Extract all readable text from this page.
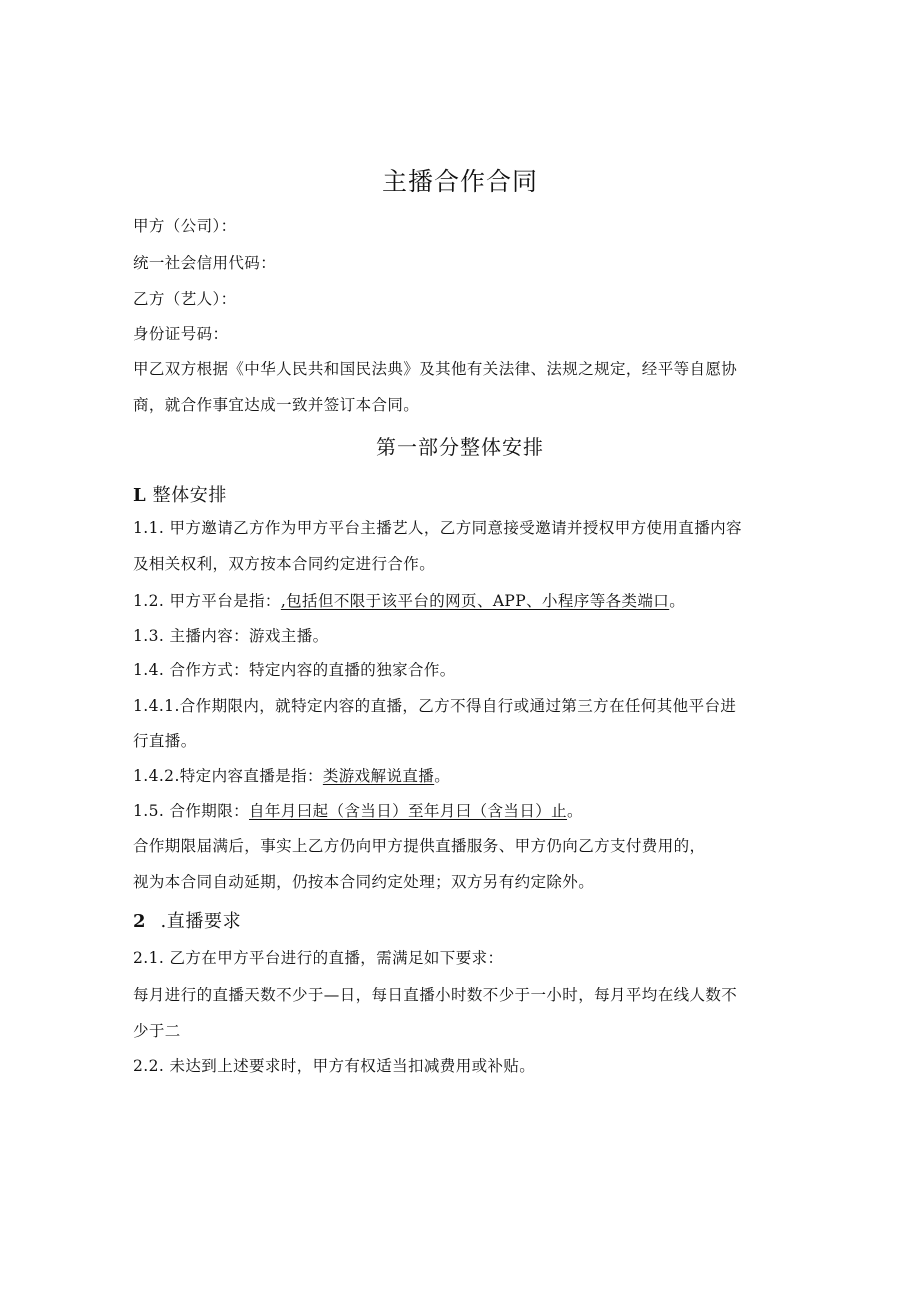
主播合作合同
甲方（公司）：
统一社会信用代码：
乙方（艺人）：
身份证号码：
甲乙双方根据《中华人民共和国民法典》及其他有关法律、法规之规定，经平等自愿协
商，就合作事宜达成一致并签订本合同。
第一部分整体安排
L 整体安排
1.1. 甲方邀请乙方作为甲方平台主播艺人，乙方同意接受邀请并授权甲方使用直播内容
及相关权利，双方按本合同约定进行合作。
1.2. 甲方平台是指：,包括但不限于该平台的网页、APP、小程序等各类端口。
1.3. 主播内容：游戏主播。
1.4. 合作方式：特定内容的直播的独家合作。
1.4.1.合作期限内，就特定内容的直播，乙方不得自行或通过第三方在任何其他平台进
行直播。
1.4.2.特定内容直播是指：类游戏解说直播。
1.5. 合作期限：自年月曰起（含当日）至年月曰（含当日）止。
合作期限届满后，事实上乙方仍向甲方提供直播服务、甲方仍向乙方支付费用的，
视为本合同自动延期，仍按本合同约定处理；双方另有约定除外。
2 .直播要求
2.1. 乙方在甲方平台进行的直播，需满足如下要求：
每月进行的直播天数不少于—日，每日直播小时数不少于一小时，每月平均在线人数不
少于二
2.2. 未达到上述要求时，甲方有权适当扣减费用或补贴。
